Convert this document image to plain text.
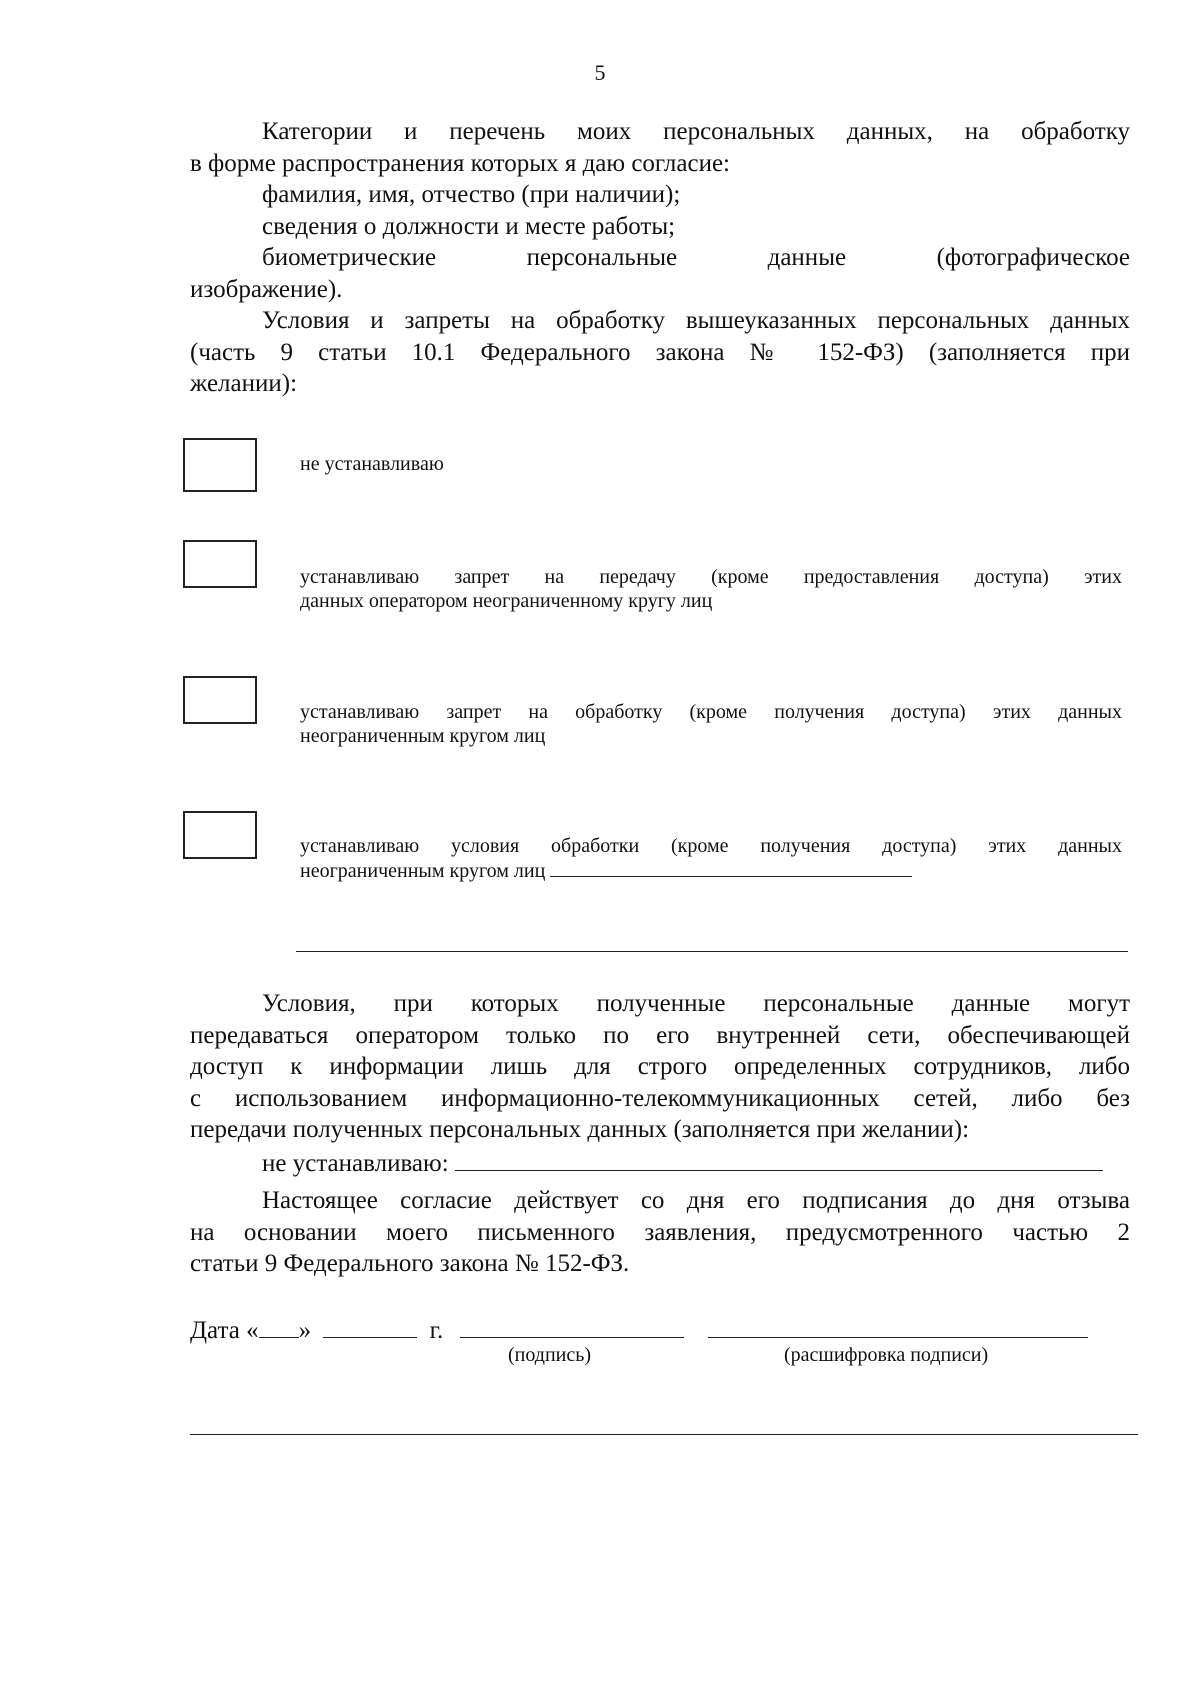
5
Категории и перечень моих персональных данных, на обработку
в форме распространения которых я даю согласие:
фамилия, имя, отчество (при наличии);
сведения о должности и месте работы;
биометрические персональные данные (фотографическое
изображение).
Условия и запреты на обработку вышеуказанных персональных данных
(часть 9 статьи 10.1 Федерального закона № 152-ФЗ) (заполняется при
желании):
не устанавливаю
устанавливаю запрет на передачу (кроме предоставления доступа) этих
данных оператором неограниченному кругу лиц
устанавливаю запрет на обработку (кроме получения доступа) этих данных
неограниченным кругом лиц
устанавливаю условия обработки (кроме получения доступа) этих данных
неограниченным кругом лиц
Условия, при которых полученные персональные данные могут
передаваться оператором только по его внутренней сети, обеспечивающей
доступ к информации лишь для строго определенных сотрудников, либо
с использованием информационно-телекоммуникационных сетей, либо без
передачи полученных персональных данных (заполняется при желании):
не устанавливаю:
Настоящее согласие действует со дня его подписания до дня отзыва
на основании моего письменного заявления, предусмотренного частью 2
статьи 9 Федерального закона № 152-ФЗ.
Дата « »	г.
(подпись)	(расшифровка подписи)
